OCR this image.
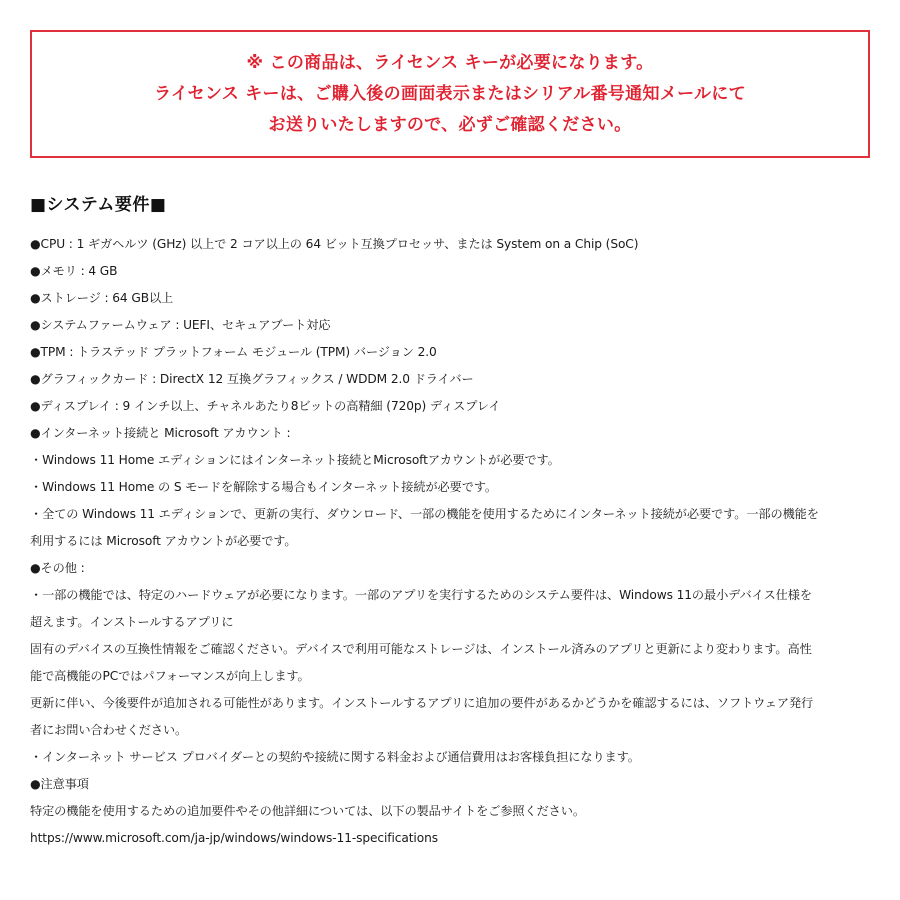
※ この商品は、ライセンス キーが必要になります。
ライセンス キーは、ご購入後の画面表示またはシリアル番号通知メールにて
お送りいたしますので、必ずご確認ください。
■システム要件■
●CPU : 1 ギガヘルツ (GHz) 以上で 2 コア以上の 64 ビット互換プロセッサ、または System on a Chip (SoC)
●メモリ : 4 GB
●ストレージ : 64 GB以上
●システムファームウェア : UEFI、セキュアブート対応
●TPM : トラステッド プラットフォーム モジュール (TPM) バージョン 2.0
●グラフィックカード : DirectX 12 互換グラフィックス / WDDM 2.0 ドライバー
●ディスプレイ : 9 インチ以上、チャネルあたり8ビットの高精細 (720p) ディスプレイ
●インターネット接続と Microsoft アカウント :
・Windows 11 Home エディションにはインターネット接続とMicrosoftアカウントが必要です。
・Windows 11 Home の S モードを解除する場合もインターネット接続が必要です。
・全ての Windows 11 エディションで、更新の実行、ダウンロード、一部の機能を使用するためにインターネット接続が必要です。一部の機能を
利用するには Microsoft アカウントが必要です。
●その他 :
・一部の機能では、特定のハードウェアが必要になります。一部のアプリを実行するためのシステム要件は、Windows 11の最小デバイス仕様を
超えます。インストールするアプリに
固有のデバイスの互換性情報をご確認ください。デバイスで利用可能なストレージは、インストール済みのアプリと更新により変わります。高性
能で高機能のPCではパフォーマンスが向上します。
更新に伴い、今後要件が追加される可能性があります。インストールするアプリに追加の要件があるかどうかを確認するには、ソフトウェア発行
者にお問い合わせください。
・インターネット サービス プロバイダーとの契約や接続に関する料金および通信費用はお客様負担になります。
●注意事項
特定の機能を使用するための追加要件やその他詳細については、以下の製品サイトをご参照ください。
https://www.microsoft.com/ja-jp/windows/windows-11-specifications
